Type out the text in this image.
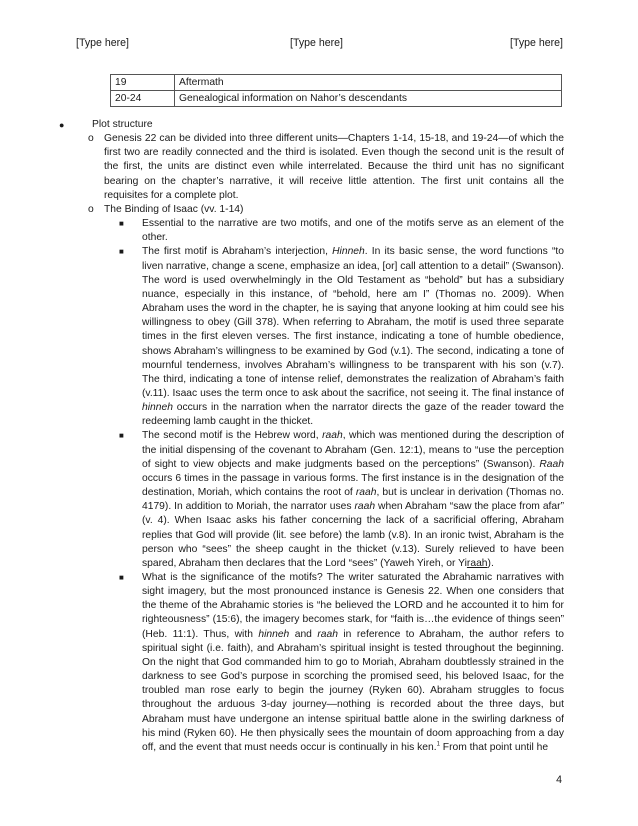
[Type here]	[Type here]	[Type here]
19	Aftermath
20-24	Genealogical information on Nahor’s descendants
●	Plot structure

o Genesis 22 can be divided into three different units—Chapters 1-14, 15-18, and 19-24—of which the first two are readily connected and the third is isolated. Even though the second unit is the result of the first, the units are distinct even while interrelated. Because the third unit has no significant bearing on the chapter’s narrative, it will receive little attention. The first unit contains all the requisites for a complete plot.

o The Binding of Isaac (vv. 1-14)

■ Essential to the narrative are two motifs, and one of the motifs serve as an element of the other.

■ The first motif is Abraham’s interjection, Hinneh. In its basic sense, the word functions “to liven narrative, change a scene, emphasize an idea, [or] call attention to a detail” (Swanson). The word is used overwhelmingly in the Old Testament as “behold” but has a subsidiary nuance, especially in this instance, of “behold, here am I” (Thomas no. 2009). When Abraham uses the word in the chapter, he is saying that anyone looking at him could see his willingness to obey (Gill 378). When referring to Abraham, the motif is used three separate times in the first eleven verses. The first instance, indicating a tone of humble obedience, shows Abraham’s willingness to be examined by God (v.1). The second, indicating a tone of mournful tenderness, involves Abraham’s willingness to be transparent with his son (v.7). The third, indicating a tone of intense relief, demonstrates the realization of Abraham’s faith (v.11). Isaac uses the term once to ask about the sacrifice, not seeing it. The final instance of hinneh occurs in the narration when the narrator directs the gaze of the reader toward the redeeming lamb caught in the thicket.

■ The second motif is the Hebrew word, raah, which was mentioned during the description of the initial dispensing of the covenant to Abraham (Gen. 12:1), means to “use the perception of sight to view objects and make judgments based on the perceptions” (Swanson). Raah occurs 6 times in the passage in various forms. The first instance is in the designation of the destination, Moriah, which contains the root of raah, but is unclear in derivation (Thomas no. 4179). In addition to Moriah, the narrator uses raah when Abraham “saw the place from afar” (v. 4). When Isaac asks his father concerning the lack of a sacrificial offering, Abraham replies that God will provide (lit. see before) the lamb (v.8). In an ironic twist, Abraham is the person who “sees” the sheep caught in the thicket (v.13). Surely relieved to have been spared, Abraham then declares that the Lord “sees” (Yaweh Yireh, or Yiraah).

■ What is the significance of the motifs? The writer saturated the Abrahamic narratives with sight imagery, but the most pronounced instance is Genesis 22. When one considers that the theme of the Abrahamic stories is “he believed the LORD and he accounted it to him for righteousness” (15:6), the imagery becomes stark, for “faith is…the evidence of things seen” (Heb. 11:1). Thus, with hinneh and raah in reference to Abraham, the author refers to spiritual sight (i.e. faith), and Abraham’s spiritual insight is tested throughout the beginning. On the night that God commanded him to go to Moriah, Abraham doubtlessly strained in the darkness to see God’s purpose in scorching the promised seed, his beloved Isaac, for the troubled man rose early to begin the journey (Ryken 60). Abraham struggles to focus throughout the arduous 3-day journey—nothing is recorded about the three days, but Abraham must have undergone an intense spiritual battle alone in the swirling darkness of his mind (Ryken 60). He then physically sees the mountain of doom approaching from a day off, and the event that must needs occur is continually in his ken.$^1$ From that point until he

4
